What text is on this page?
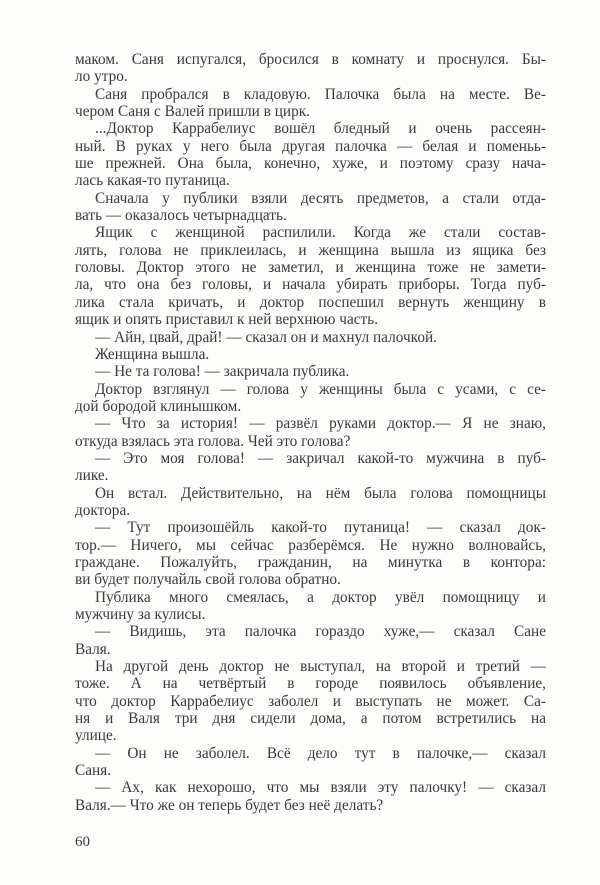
маком. Саня испугался, бросился в комнату и проснулся. Бы-
ло утро.
Саня пробрался в кладовую. Палочка была на месте. Ве-
чером Саня с Валей пришли в цирк.
...Доктор Каррабелиус вошёл бледный и очень рассеян-
ный. В руках у него была другая палочка — белая и поменьь-
ше прежней. Она была, конечно, хуже, и поэтому сразу нача-
лась какая-то путаница.
Сначала у публики взяли десять предметов, а стали отда-
вать — оказалось четырнадцать.
Ящик с женщиной распилили. Когда же стали состав-
лять, голова не приклеилась, и женщина вышла из ящика без
головы. Доктор этого не заметил, и женщина тоже не замети-
ла, что она без головы, и начала убирать приборы. Тогда пуб-
лика стала кричать, и доктор поспешил вернуть женщину в
ящик и опять приставил к ней верхнюю часть.
— Айн, цвай, драй! — сказал он и махнул палочкой.
Женщина вышла.
— Не та голова! — закричала публика.
Доктор взглянул — голова у женщины была с усами, с се-
дой бородой клинышком.
— Что за история! — развёл руками доктор.— Я не знаю,
откуда взялась эта голова. Чей это голова?
— Это моя голова! — закричал какой-то мужчина в пуб-
лике.
Он встал. Действительно, на нём была голова помощницы
доктора.
— Тут произошёйль какой-то путаница! — сказал док-
тор.— Ничего, мы сейчас разберёмся. Не нужно волновайсь,
граждане. Пожалуйть, гражданин, на минутка в контора:
ви будет получайль свой голова обратно.
Публика много смеялась, а доктор увёл помощницу и
мужчину за кулисы.
— Видишь, эта палочка гораздо хуже,— сказал Сане
Валя.
На другой день доктор не выступал, на второй и третий —
тоже. А на четвёртый в городе появилось объявление,
что доктор Каррабелиус заболел и выступать не может. Са-
ня и Валя три дня сидели дома, а потом встретились на
улице.
— Он не заболел. Всё дело тут в палочке,— сказал
Саня.
— Ах, как нехорошо, что мы взяли эту палочку! — сказал
Валя.— Что же он теперь будет без неё делать?
60
